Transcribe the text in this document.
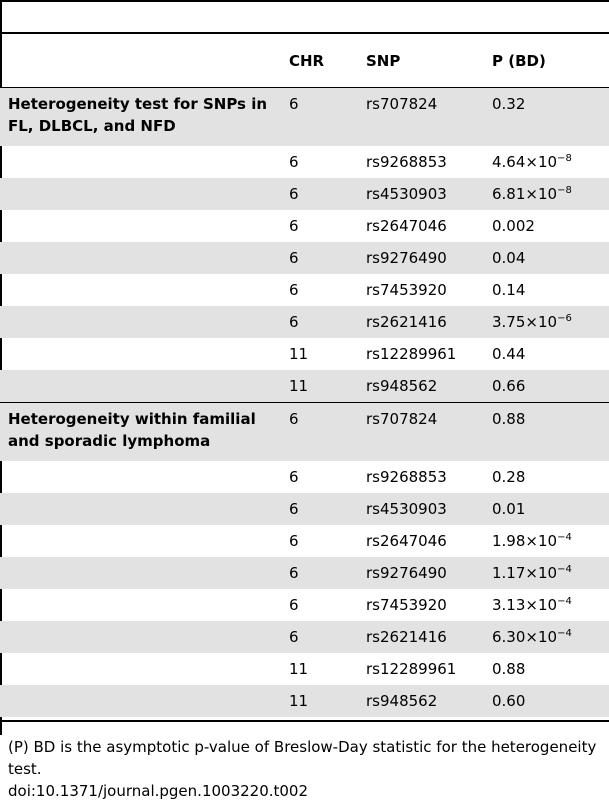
	CHR	SNP	P (BD)
Heterogeneity test for SNPs in FL, DLBCL, and NFD	6	rs707824	0.32
	6	rs9268853	$4.64\times 10^{-8}$
	6	rs4530903	$6.81\times 10^{-8}$
	6	rs2647046	0.002
	6	rs9276490	0.04
	6	rs7453920	0.14
	6	rs2621416	$3.75\times 10^{-6}$
	11	rs12289961	0.44
	11	rs948562	0.66
Heterogeneity within familial and sporadic lymphoma	6	rs707824	0.88
	6	rs9268853	0.28
	6	rs4530903	0.01
	6	rs2647046	$1.98\times 10^{-4}$
	6	rs9276490	$1.17\times 10^{-4}$
	6	rs7453920	$3.13\times 10^{-4}$
	6	rs2621416	$6.30\times 10^{-4}$
	11	rs12289961	0.88
	11	rs948562	0.60
(P) BD is the asymptotic p-value of Breslow-Day statistic for the heterogeneity test.
doi:10.1371/journal.pgen.1003220.t002
